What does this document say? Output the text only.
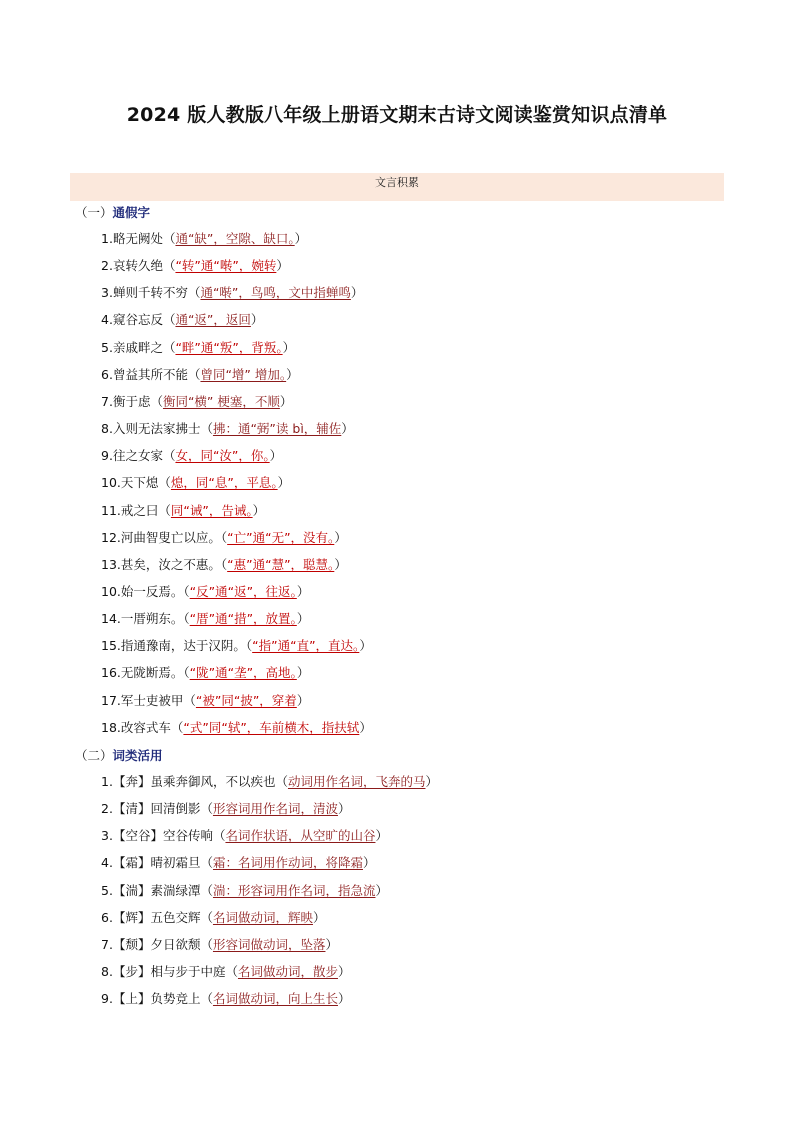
2024 版人教版八年级上册语文期末古诗文阅读鉴赏知识点清单
文言积累
（一）通假字
1.略无阙处（通“缺”，空隙、缺口。）
2.哀转久绝（“转”通“啭”，婉转）
3.蝉则千转不穷（通“啭”，鸟鸣，文中指蝉鸣）
4.窥谷忘反（通“返”，返回）
5.亲戚畔之（“畔”通“叛”，背叛。）
6.曾益其所不能（曾同“增” 增加。）
7.衡于虑（衡同“横” 梗塞，不顺）
8.入则无法家拂士（拂：通“弼”读 bì，辅佐）
9.往之女家（女，同“汝”，你。）
10.天下熄（熄，同“息”，平息。）
11.戒之曰（同“诫”，告诫。）
12.河曲智叟亡以应。（“亡”通“无”，没有。）
13.甚矣，汝之不惠。（“惠”通“慧”，聪慧。）
10.始一反焉。（“反”通“返”，往返。）
14.一厝朔东。（“厝”通“措”，放置。）
15.指通豫南，达于汉阴。（“指”通“直”，直达。）
16.无陇断焉。（“陇”通“垄”，高地。）
17.军士吏被甲（“被”同“披”，穿着）
18.改容式车（“式”同“轼”，车前横木，指扶轼）
（二）词类活用
1.【奔】虽乘奔御风，不以疾也（动词用作名词，飞奔的马）
2.【清】回清倒影（形容词用作名词，清波）
3.【空谷】空谷传响（名词作状语，从空旷的山谷）
4.【霜】晴初霜旦（霜：名词用作动词，将降霜）
5.【湍】素湍绿潭（湍：形容词用作名词，指急流）
6.【辉】五色交辉（名词做动词，辉映）
7.【颓】夕日欲颓（形容词做动词，坠落）
8.【步】相与步于中庭（名词做动词，散步）
9.【上】负势竞上（名词做动词，向上生长）
